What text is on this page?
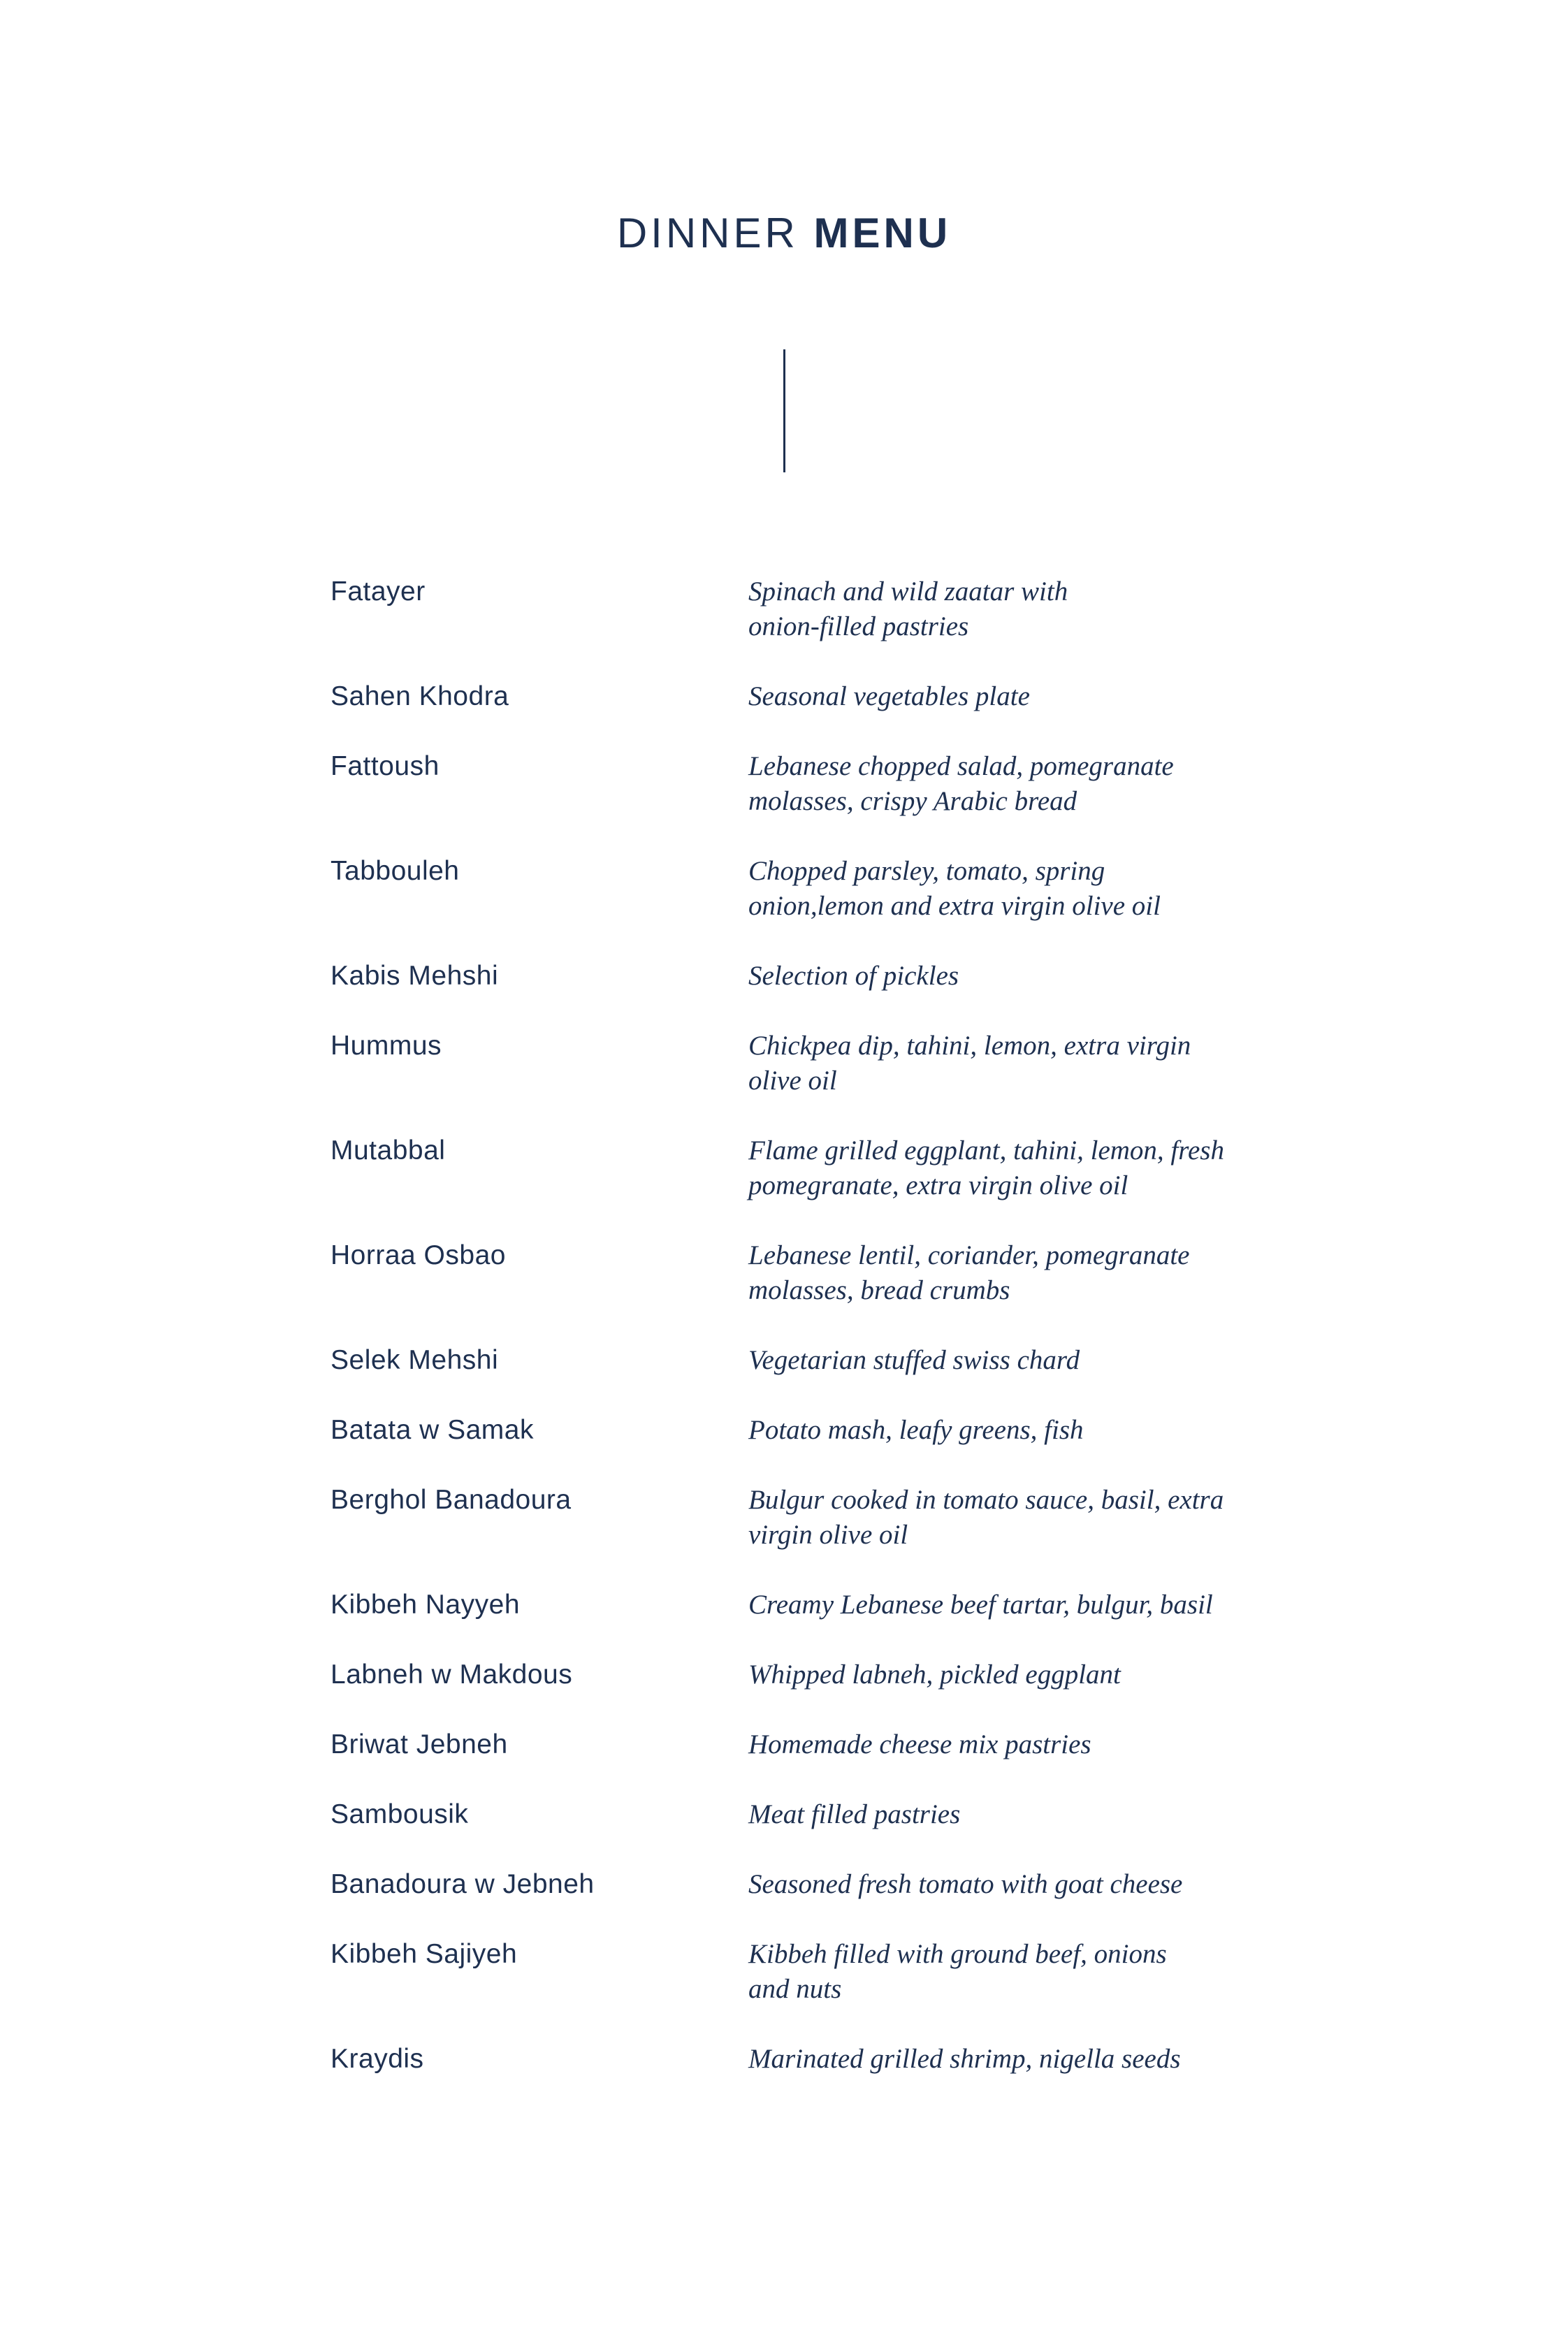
DINNER MENU
Fatayer	Spinach and wild zaatar with
onion-filled pastries
Sahen Khodra	Seasonal vegetables plate
Fattoush	Lebanese chopped salad, pomegranate
molasses, crispy Arabic bread
Tabbouleh	Chopped parsley, tomato, spring
onion,lemon and extra virgin olive oil
Kabis Mehshi	Selection of pickles
Hummus	Chickpea dip, tahini, lemon, extra virgin
olive oil
Mutabbal	Flame grilled eggplant, tahini, lemon, fresh
pomegranate, extra virgin olive oil
Horraa Osbao	Lebanese lentil, coriander, pomegranate
molasses, bread crumbs
Selek Mehshi	Vegetarian stuffed swiss chard
Batata w Samak	Potato mash, leafy greens, fish
Berghol Banadoura	Bulgur cooked in tomato sauce, basil, extra
virgin olive oil
Kibbeh Nayyeh	Creamy Lebanese beef tartar, bulgur, basil
Labneh w Makdous	Whipped labneh, pickled eggplant
Briwat Jebneh	Homemade cheese mix pastries
Sambousik	Meat filled pastries
Banadoura w Jebneh	Seasoned fresh tomato with goat cheese
Kibbeh Sajiyeh	Kibbeh filled with ground beef, onions
and nuts
Kraydis	Marinated grilled shrimp, nigella seeds
